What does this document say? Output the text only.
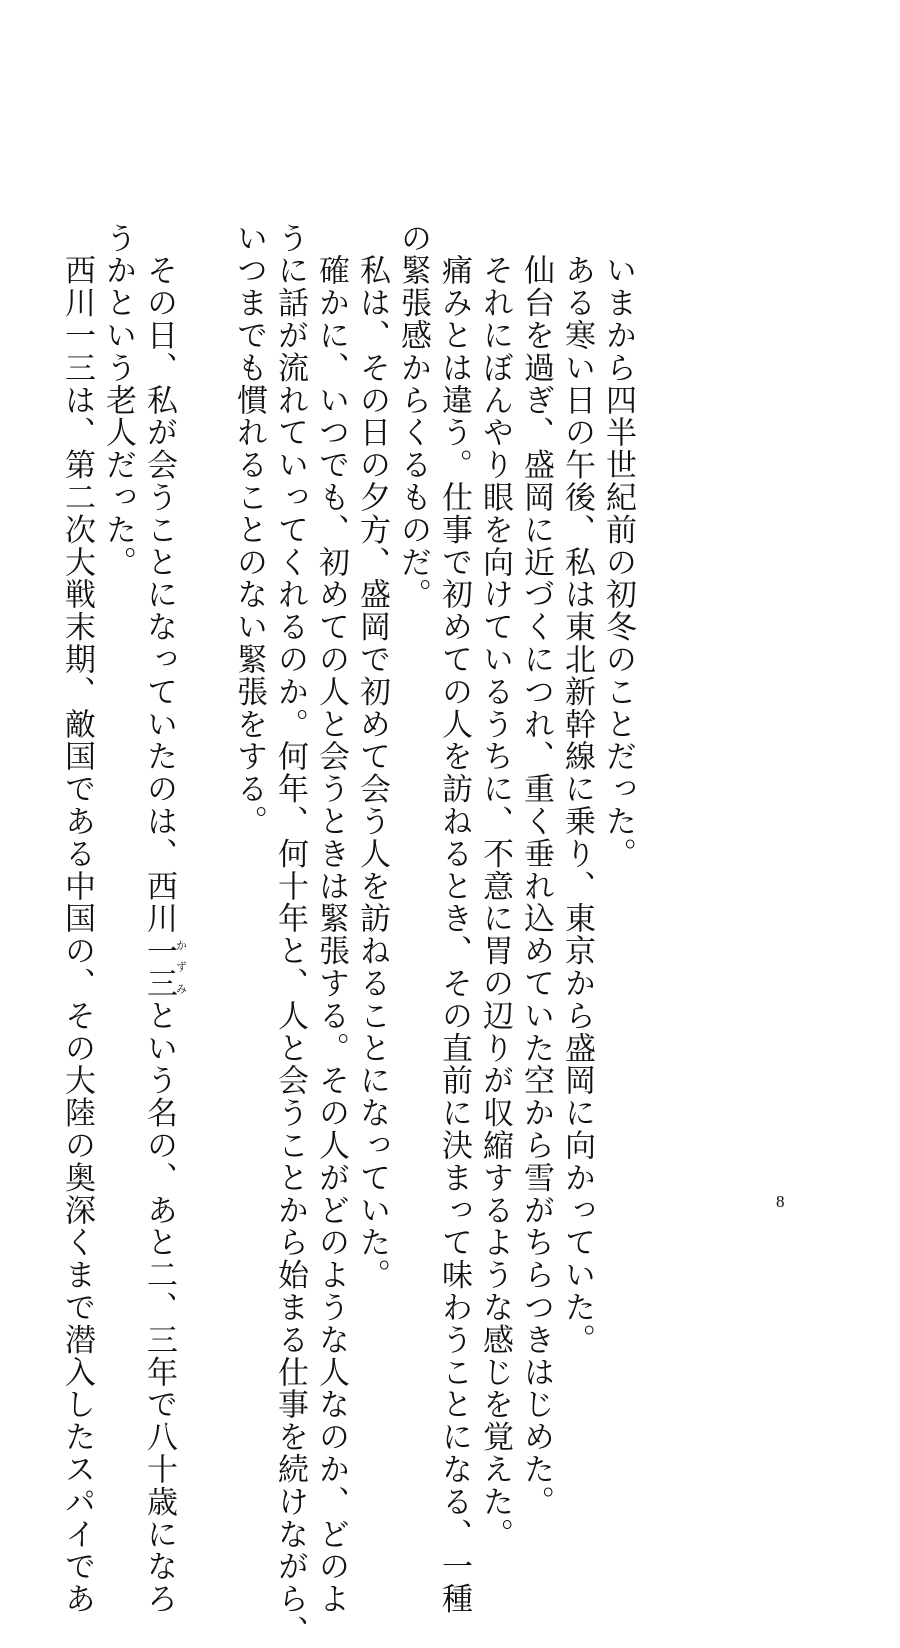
　いまから四半世紀前の初冬のことだった。

　ある寒い日の午後、私は東北新幹線に乗り、東京から盛岡に向かっていた。

　仙台を過ぎ、盛岡に近づくにつれ、重く垂れ込めていた空から雪がちらつきはじめた。

　それにぼんやり眼を向けているうちに、不意に胃の辺りが収縮するような感じを覚えた。

　痛みとは違う。仕事で初めての人を訪ねるとき、その直前に決まって味わうことになる、一種

の緊張感からくるものだ。

　私は、その日の夕方、盛岡で初めて会う人を訪ねることになっていた。

　確かに、いつでも、初めての人と会うときは緊張する。その人がどのような人なのか、どのよ

うに話が流れていってくれるのか。何年、何十年と、人と会うことから始まる仕事を続けながら、

いつまでも慣れることのない緊張をする。

　その日、私が会うことになっていたのは、西川一三かずみという名の、あと二、三年で八十歳になろ

うかという老人だった。

　西川一三は、第二次大戦末期、敵国である中国の、その大陸の奥深くまで潜入したスパイであ	8
